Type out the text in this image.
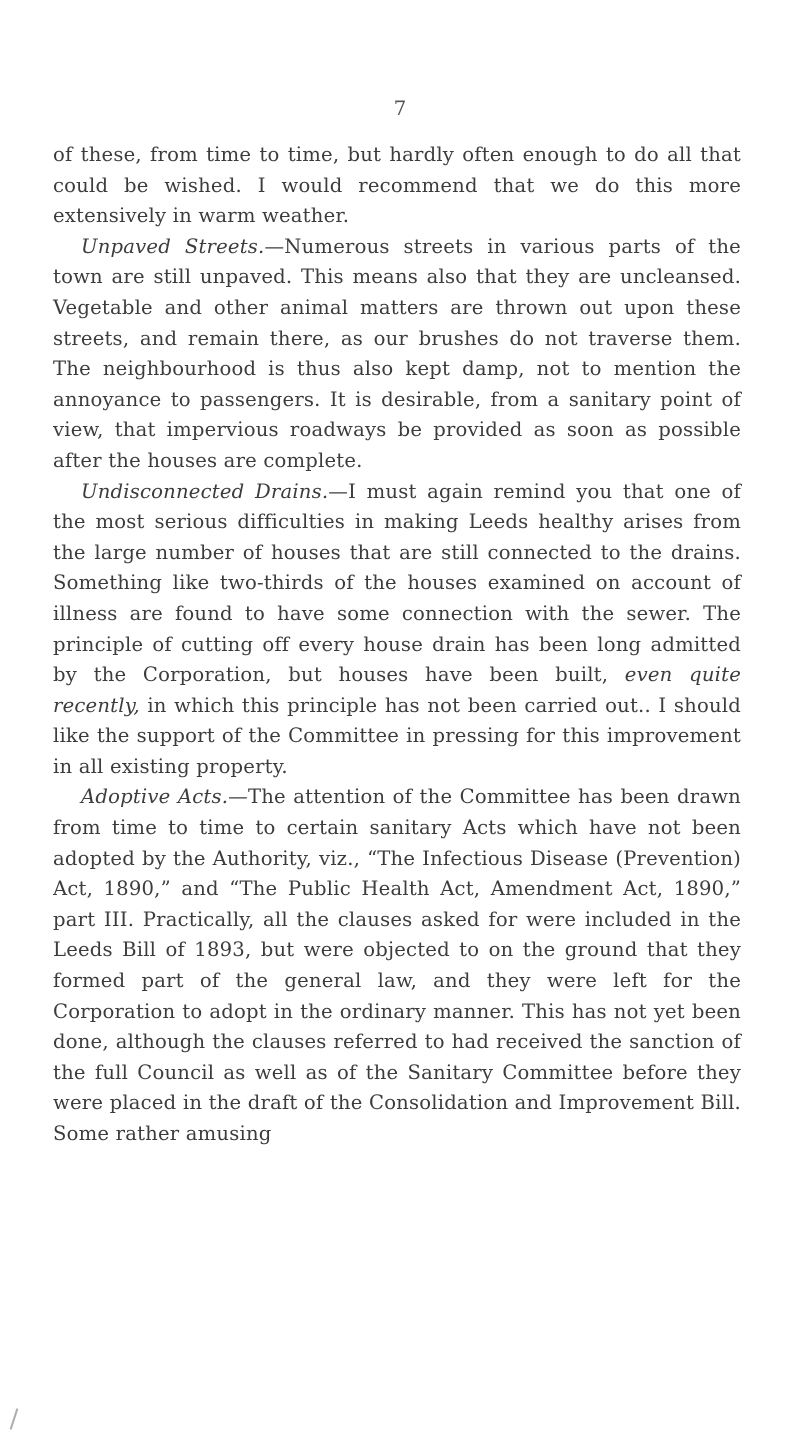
7

of these, from time to time, but hardly often enough to do all that could be wished. I would recommend that we do this more extensively in warm weather.

Unpaved Streets.—Numerous streets in various parts of the town are still unpaved. This means also that they are uncleansed. Vegetable and other animal matters are thrown out upon these streets, and remain there, as our brushes do not traverse them. The neighbourhood is thus also kept damp, not to mention the annoyance to passengers. It is desirable, from a sanitary point of view, that impervious roadways be provided as soon as possible after the houses are complete.

Undisconnected Drains.—I must again remind you that one of the most serious difficulties in making Leeds healthy arises from the large number of houses that are still connected to the drains. Something like two-thirds of the houses examined on account of illness are found to have some connection with the sewer. The principle of cutting off every house drain has been long admitted by the Corporation, but houses have been built, even quite recently, in which this principle has not been carried out.. I should like the support of the Committee in pressing for this improvement in all existing property.

Adoptive Acts.—The attention of the Committee has been drawn from time to time to certain sanitary Acts which have not been adopted by the Authority, viz., “The Infectious Disease (Prevention) Act, 1890,” and “The Public Health Act, Amendment Act, 1890,” part III. Practically, all the clauses asked for were included in the Leeds Bill of 1893, but were objected to on the ground that they formed part of the general law, and they were left for the Corporation to adopt in the ordinary manner. This has not yet been done, although the clauses referred to had received the sanction of the full Council as well as of the Sanitary Committee before they were placed in the draft of the Consolidation and Improvement Bill. Some rather amusing
